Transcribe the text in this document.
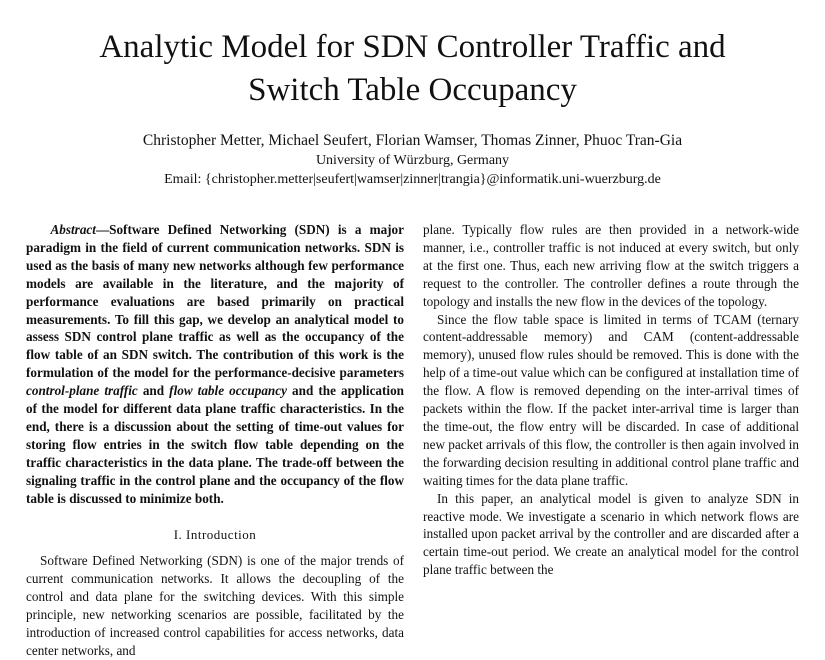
Analytic Model for SDN Controller Traffic and
Switch Table Occupancy
Christopher Metter, Michael Seufert, Florian Wamser, Thomas Zinner, Phuoc Tran-Gia
University of Würzburg, Germany
Email: {christopher.metter|seufert|wamser|zinner|trangia}@informatik.uni-wuerzburg.de

Abstract—Software Defined Networking (SDN) is a major paradigm in the field of current communication networks. SDN is used as the basis of many new networks although few performance models are available in the literature, and the majority of performance evaluations are based primarily on practical measurements. To fill this gap, we develop an analytical model to assess SDN control plane traffic as well as the occupancy of the flow table of an SDN switch. The contribution of this work is the formulation of the model for the performance-decisive parameters control-plane traffic and flow table occupancy and the application of the model for different data plane traffic characteristics. In the end, there is a discussion about the setting of time-out values for storing flow entries in the switch flow table depending on the traffic characteristics in the data plane. The trade-off between the signaling traffic in the control plane and the occupancy of the flow table is discussed to minimize both.

I. Introduction

Software Defined Networking (SDN) is one of the major trends of current communication networks. It allows the decoupling of the control and data plane for the switching devices. With this simple principle, new networking scenarios are possible, facilitated by the introduction of increased control capabilities for access networks, data center networks, and

plane. Typically flow rules are then provided in a network-wide manner, i.e., controller traffic is not induced at every switch, but only at the first one. Thus, each new arriving flow at the switch triggers a request to the controller. The controller defines a route through the topology and installs the new flow in the devices of the topology.

Since the flow table space is limited in terms of TCAM (ternary content-addressable memory) and CAM (content-addressable memory), unused flow rules should be removed. This is done with the help of a time-out value which can be configured at installation time of the flow. A flow is removed depending on the inter-arrival times of packets within the flow. If the packet inter-arrival time is larger than the time-out, the flow entry will be discarded. In case of additional new packet arrivals of this flow, the controller is then again involved in the forwarding decision resulting in additional control plane traffic and waiting times for the data plane traffic.

In this paper, an analytical model is given to analyze SDN in reactive mode. We investigate a scenario in which network flows are installed upon packet arrival by the controller and are discarded after a certain time-out period. We create an analytical model for the control plane traffic between the
